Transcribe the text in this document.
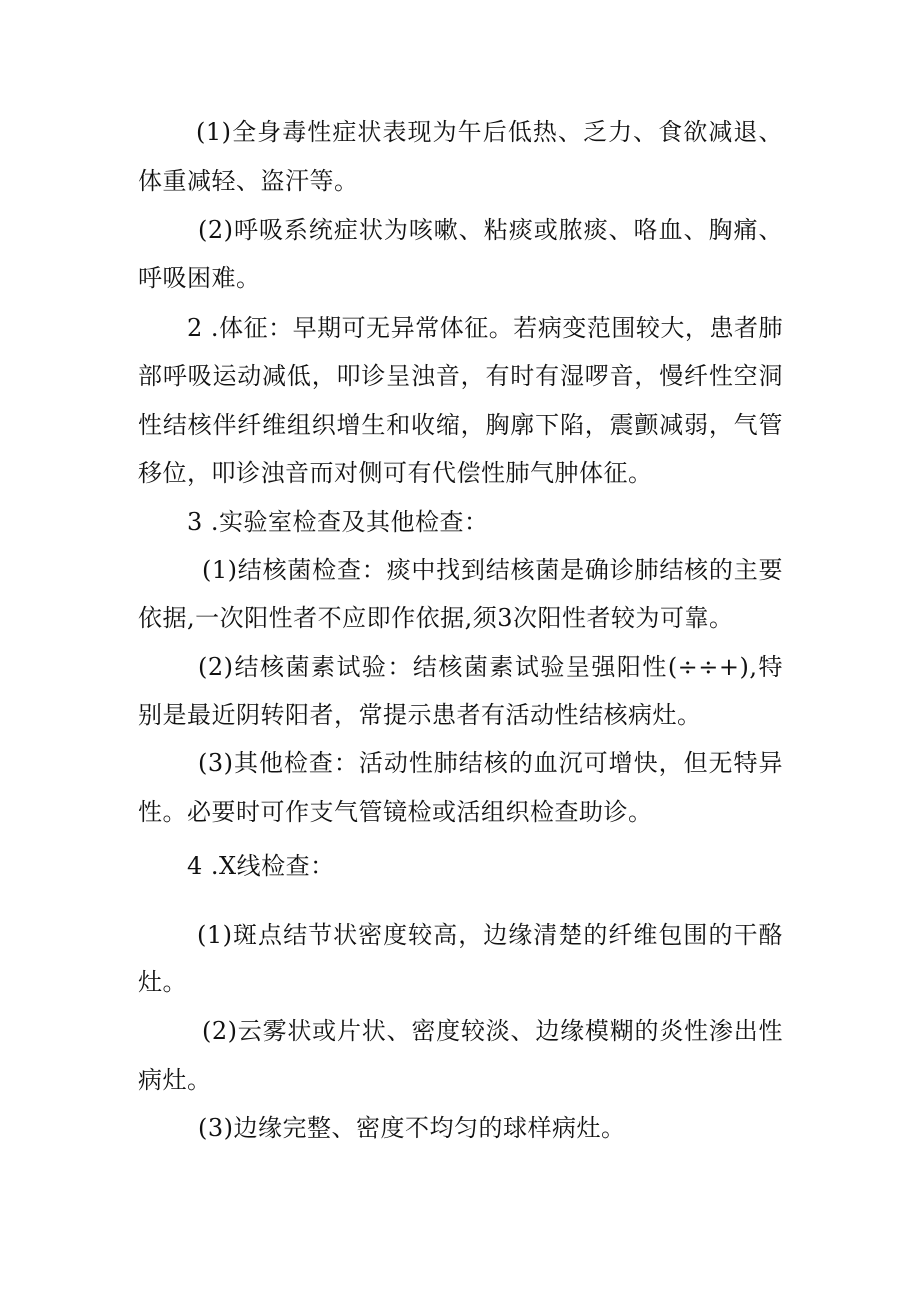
(1)全身毒性症状表现为午后低热、乏力、食欲减退、
体重减轻、盗汗等。
(2)呼吸系统症状为咳嗽、粘痰或脓痰、咯血、胸痛、
呼吸困难。
2 .体征：早期可无异常体征。若病变范围较大，患者肺
部呼吸运动减低，叩诊呈浊音，有时有湿啰音，慢纤性空洞
性结核伴纤维组织增生和收缩，胸廓下陷，震颤减弱，气管
移位，叩诊浊音而对侧可有代偿性肺气肿体征。
3 .实验室检查及其他检查：
(1)结核菌检查：痰中找到结核菌是确诊肺结核的主要
依据,一次阳性者不应即作依据,须3次阳性者较为可靠。
(2)结核菌素试验：结核菌素试验呈强阳性(÷÷+),特
别是最近阴转阳者，常提示患者有活动性结核病灶。
(3)其他检查：活动性肺结核的血沉可增快，但无特异
性。必要时可作支气管镜检或活组织检查助诊。
4 .X线检查：
(1)斑点结节状密度较高，边缘清楚的纤维包围的干酪
灶。
(2)云雾状或片状、密度较淡、边缘模糊的炎性渗出性
病灶。
(3)边缘完整、密度不均匀的球样病灶。
